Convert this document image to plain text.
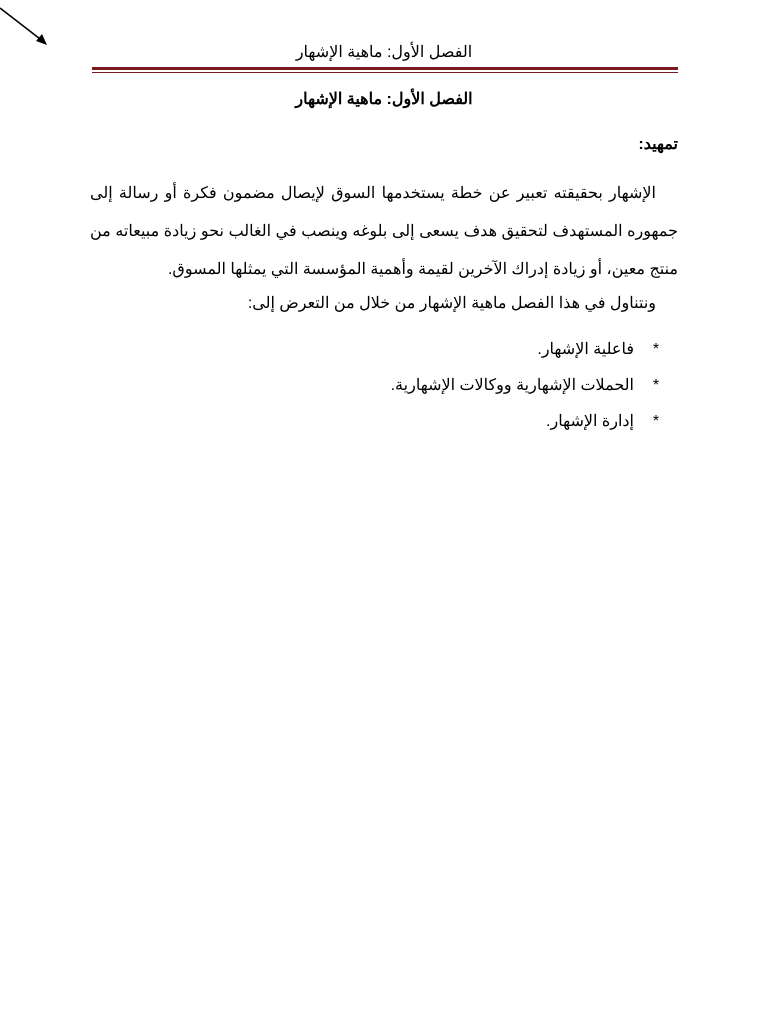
الفصل الأول: ماهية الإشهار
الفصل الأول: ماهية الإشهار
تمهيد:

الإشهار بحقيقته تعبير عن خطة يستخدمها السوق لإيصال مضمون فكرة أو رسالة إلى جمهوره المستهدف لتحقيق هدف يسعى إلى بلوغه وينصب في الغالب نحو زيادة مبيعاته من منتج معين، أو زيادة إدراك الآخرين لقيمة وأهمية المؤسسة التي يمثلها المسوق.

ونتناول في هذا الفصل ماهية الإشهار من خلال من التعرض إلى:
*
فاعلية الإشهار.
*
الحملات الإشهارية ووكالات الإشهارية.
*
إدارة الإشهار.
